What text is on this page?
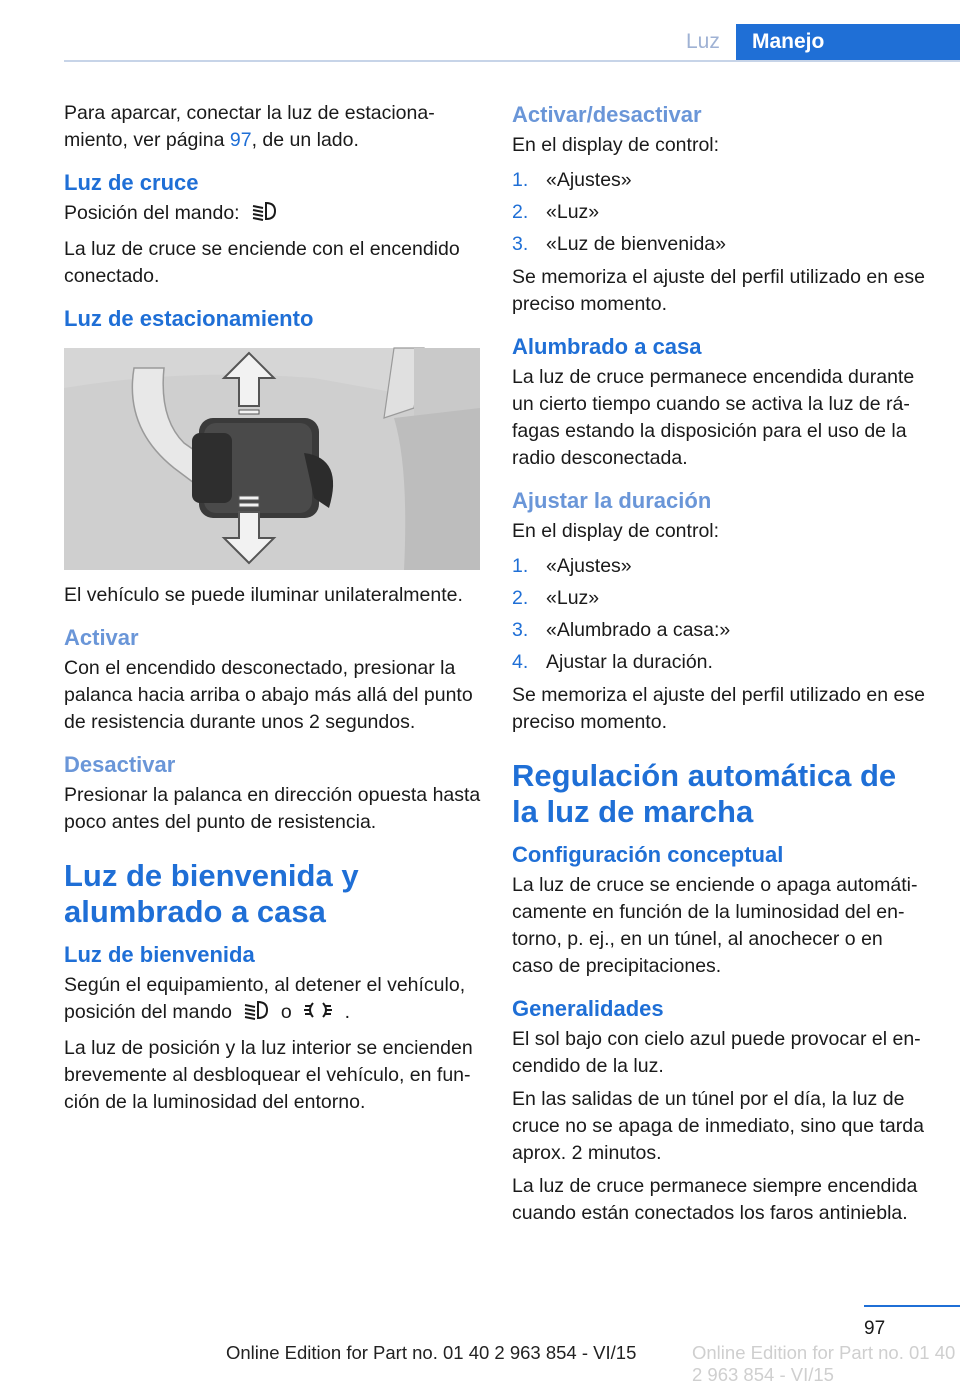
Luz	Manejo

Para aparcar, conectar la luz de estacionamiento, ver página 97, de un lado.

Luz de cruce

Posición del mando:

La luz de cruce se enciende con el encendido conectado.

Luz de estacionamiento

El vehículo se puede iluminar unilateralmente.

Activar

Con el encendido desconectado, presionar la palanca hacia arriba o abajo más allá del punto de resistencia durante unos 2 segundos.

Desactivar

Presionar la palanca en dirección opuesta hasta poco antes del punto de resistencia.

Luz de bienvenida y alumbrado a casa
Luz de bienvenida

Según el equipamiento, al detener el vehículo, posición del mando	o	.

La luz de posición y la luz interior se encienden brevemente al desbloquear el vehículo, en función de la luminosidad del entorno.

Activar/desactivar

En el display de control:

1. «Ajustes»
2. «Luz»
3. «Luz de bienvenida»

Se memoriza el ajuste del perfil utilizado en ese preciso momento.

Alumbrado a casa

La luz de cruce permanece encendida durante un cierto tiempo cuando se activa la luz de ráfagas estando la disposición para el uso de la radio desconectada.

Ajustar la duración

En el display de control:

1. «Ajustes»
2. «Luz»
3. «Alumbrado a casa:»
4. Ajustar la duración.

Se memoriza el ajuste del perfil utilizado en ese preciso momento.

Regulación automática de la luz de marcha
Configuración conceptual

La luz de cruce se enciende o apaga automáticamente en función de la luminosidad del entorno, p. ej., en un túnel, al anochecer o en caso de precipitaciones.

Generalidades

El sol bajo con cielo azul puede provocar el encendido de la luz.

En las salidas de un túnel por el día, la luz de cruce no se apaga de inmediato, sino que tarda aprox. 2 minutos.

La luz de cruce permanece siempre encendida cuando están conectados los faros antiniebla.

97
Online Edition for Part no. 01 40 2 963 854 - VI/15	Online Edition for Part no. 01 40 2 963 854 - VI/15
